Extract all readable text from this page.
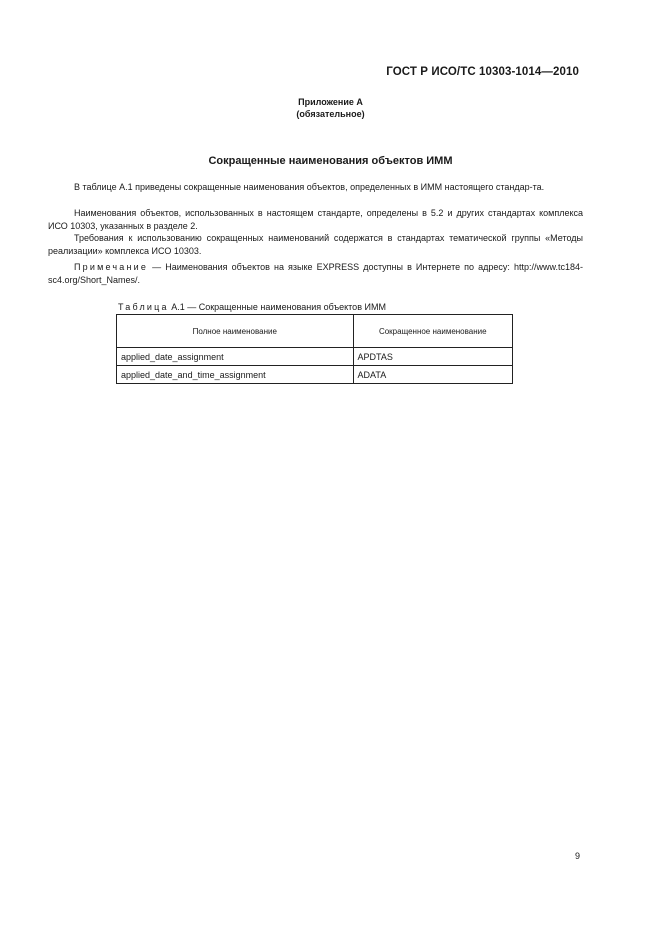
ГОСТ Р ИСО/ТС 10303-1014—2010
Приложение А
(обязательное)
Сокращенные наименования объектов ИММ
В таблице А.1 приведены сокращенные наименования объектов, определенных в ИММ настоящего стандар-та.
Наименования объектов, использованных в настоящем стандарте, определены в 5.2 и других стандартах комплекса ИСО 10303, указанных в разделе 2.
Требования к использованию сокращенных наименований содержатся в стандартах тематической группы «Методы реализации» комплекса ИСО 10303.
Примечание — Наименования объектов на языке EXPRESS доступны в Интернете по адресу: http://www.tc184-sc4.org/Short_Names/.
Таблица А.1 — Сокращенные наименования объектов ИММ
Полное наименование	Сокращенное наименование
applied_date_assignment	APDTAS
applied_date_and_time_assignment	ADATA
9
